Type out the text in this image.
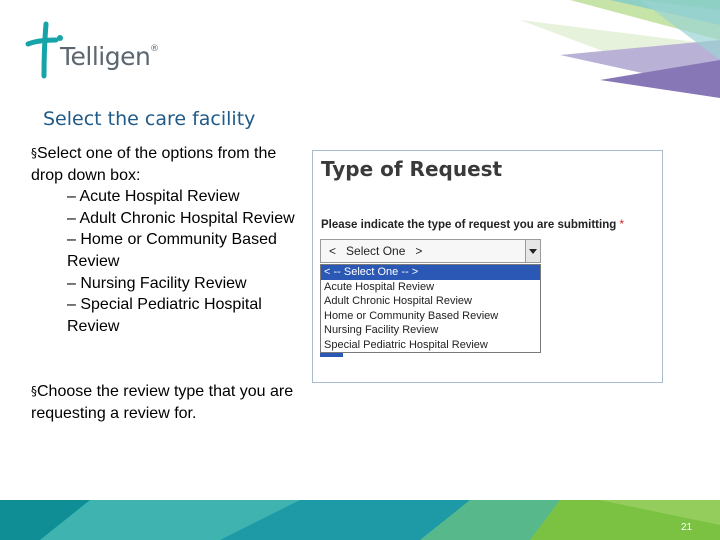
Telligen ®
Select the care facility
§Select one of the options from the drop down box:
– Acute Hospital Review
– Adult Chronic Hospital Review
– Home or Community Based Review
– Nursing Facility Review
– Special Pediatric Hospital Review
§Choose the review type that you are requesting a review for.
Type of Request
Please indicate the type of request you are submitting *
<   Select One   >
< -- Select One -- >
Acute Hospital Review
Adult Chronic Hospital Review
Home or Community Based Review
Nursing Facility Review
Special Pediatric Hospital Review
21
